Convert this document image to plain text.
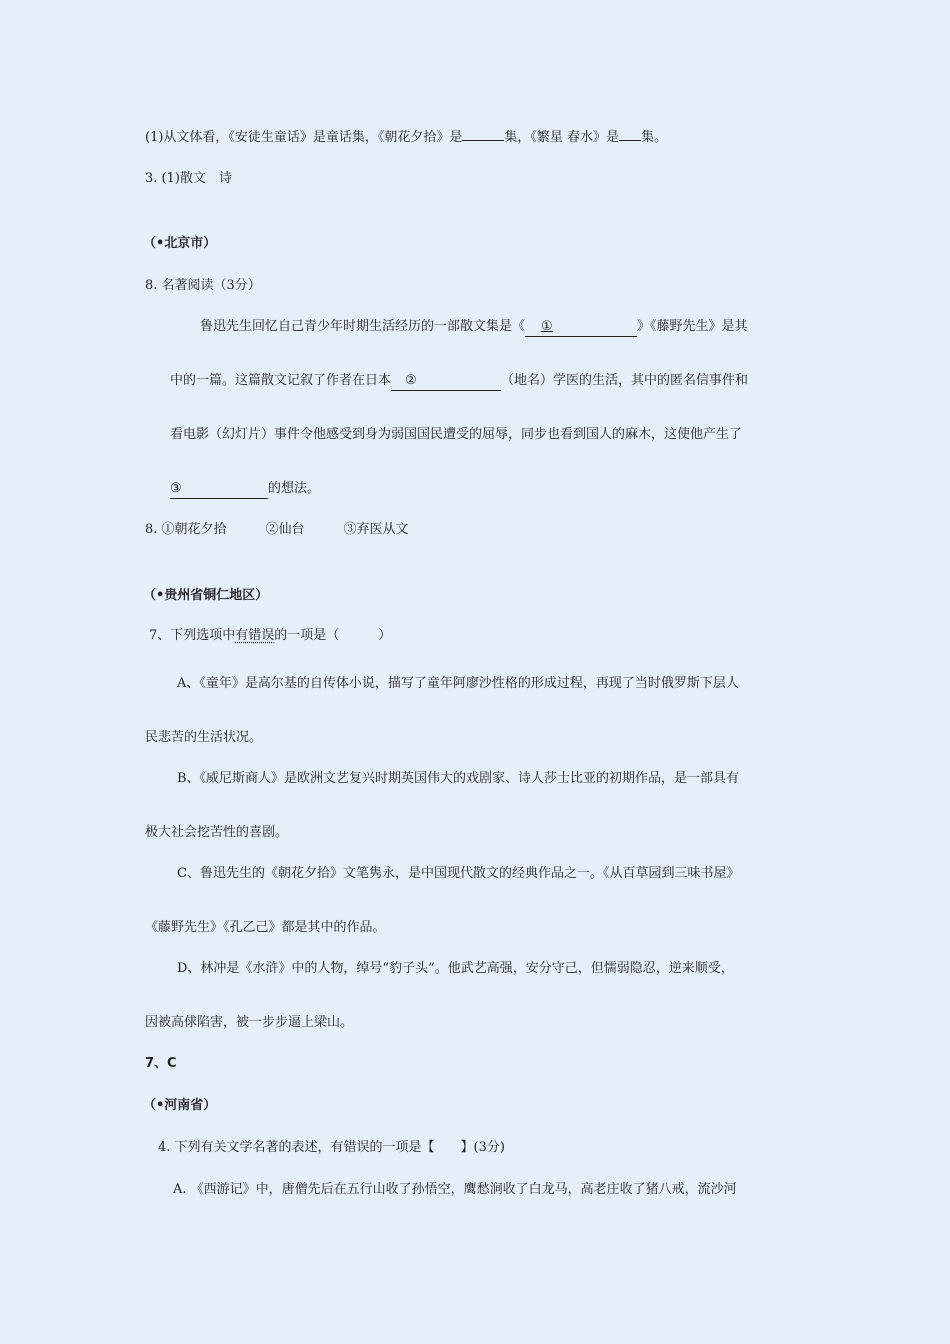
(1)从文体看，《安徒生童话》是童话集，《朝花夕拾》是	集，《繁星 春水》是 集。
3. (1)散文　诗
（•北京市）
8. 名著阅读（3分）
鲁迅先生回忆自己青少年时期生活经历的一部散文集是《 ①	》《藤野先生》是其
中的一篇。这篇散文记叙了作者在日本 ②	（地名）学医的生活，其中的匿名信事件和
看电影（幻灯片）事件令他感受到身为弱国国民遭受的屈辱，同步也看到国人的麻木，这使他产生了
③	的想法。
8. ①朝花夕拾　　　②仙台　　　③弃医从文
（•贵州省铜仁地区）
7、下列选项中有错误的一项是（　　　）
A、《童年》是高尔基的自传体小说，描写了童年阿廖沙性格的形成过程，再现了当时俄罗斯下层人
民悲苦的生活状况。
B、《威尼斯商人》是欧洲文艺复兴时期英国伟大的戏剧家、诗人莎士比亚的初期作品，是一部具有
极大社会挖苦性的喜剧。
C、鲁迅先生的《朝花夕拾》文笔隽永，是中国现代散文的经典作品之一。《从百草园到三味书屋》
《藤野先生》《孔乙己》都是其中的作品。
D、林冲是《水浒》中的人物，绰号“豹子头”。他武艺高强，安分守己，但懦弱隐忍，逆来顺受，
因被高俅陷害，被一步步逼上梁山。
7、C
（•河南省）
4. 下列有关文学名著的表述，有错误的一项是【　　】(3分)
A. 《西游记》中，唐僧先后在五行山收了孙悟空，鹰愁涧收了白龙马，高老庄收了猪八戒，流沙河
